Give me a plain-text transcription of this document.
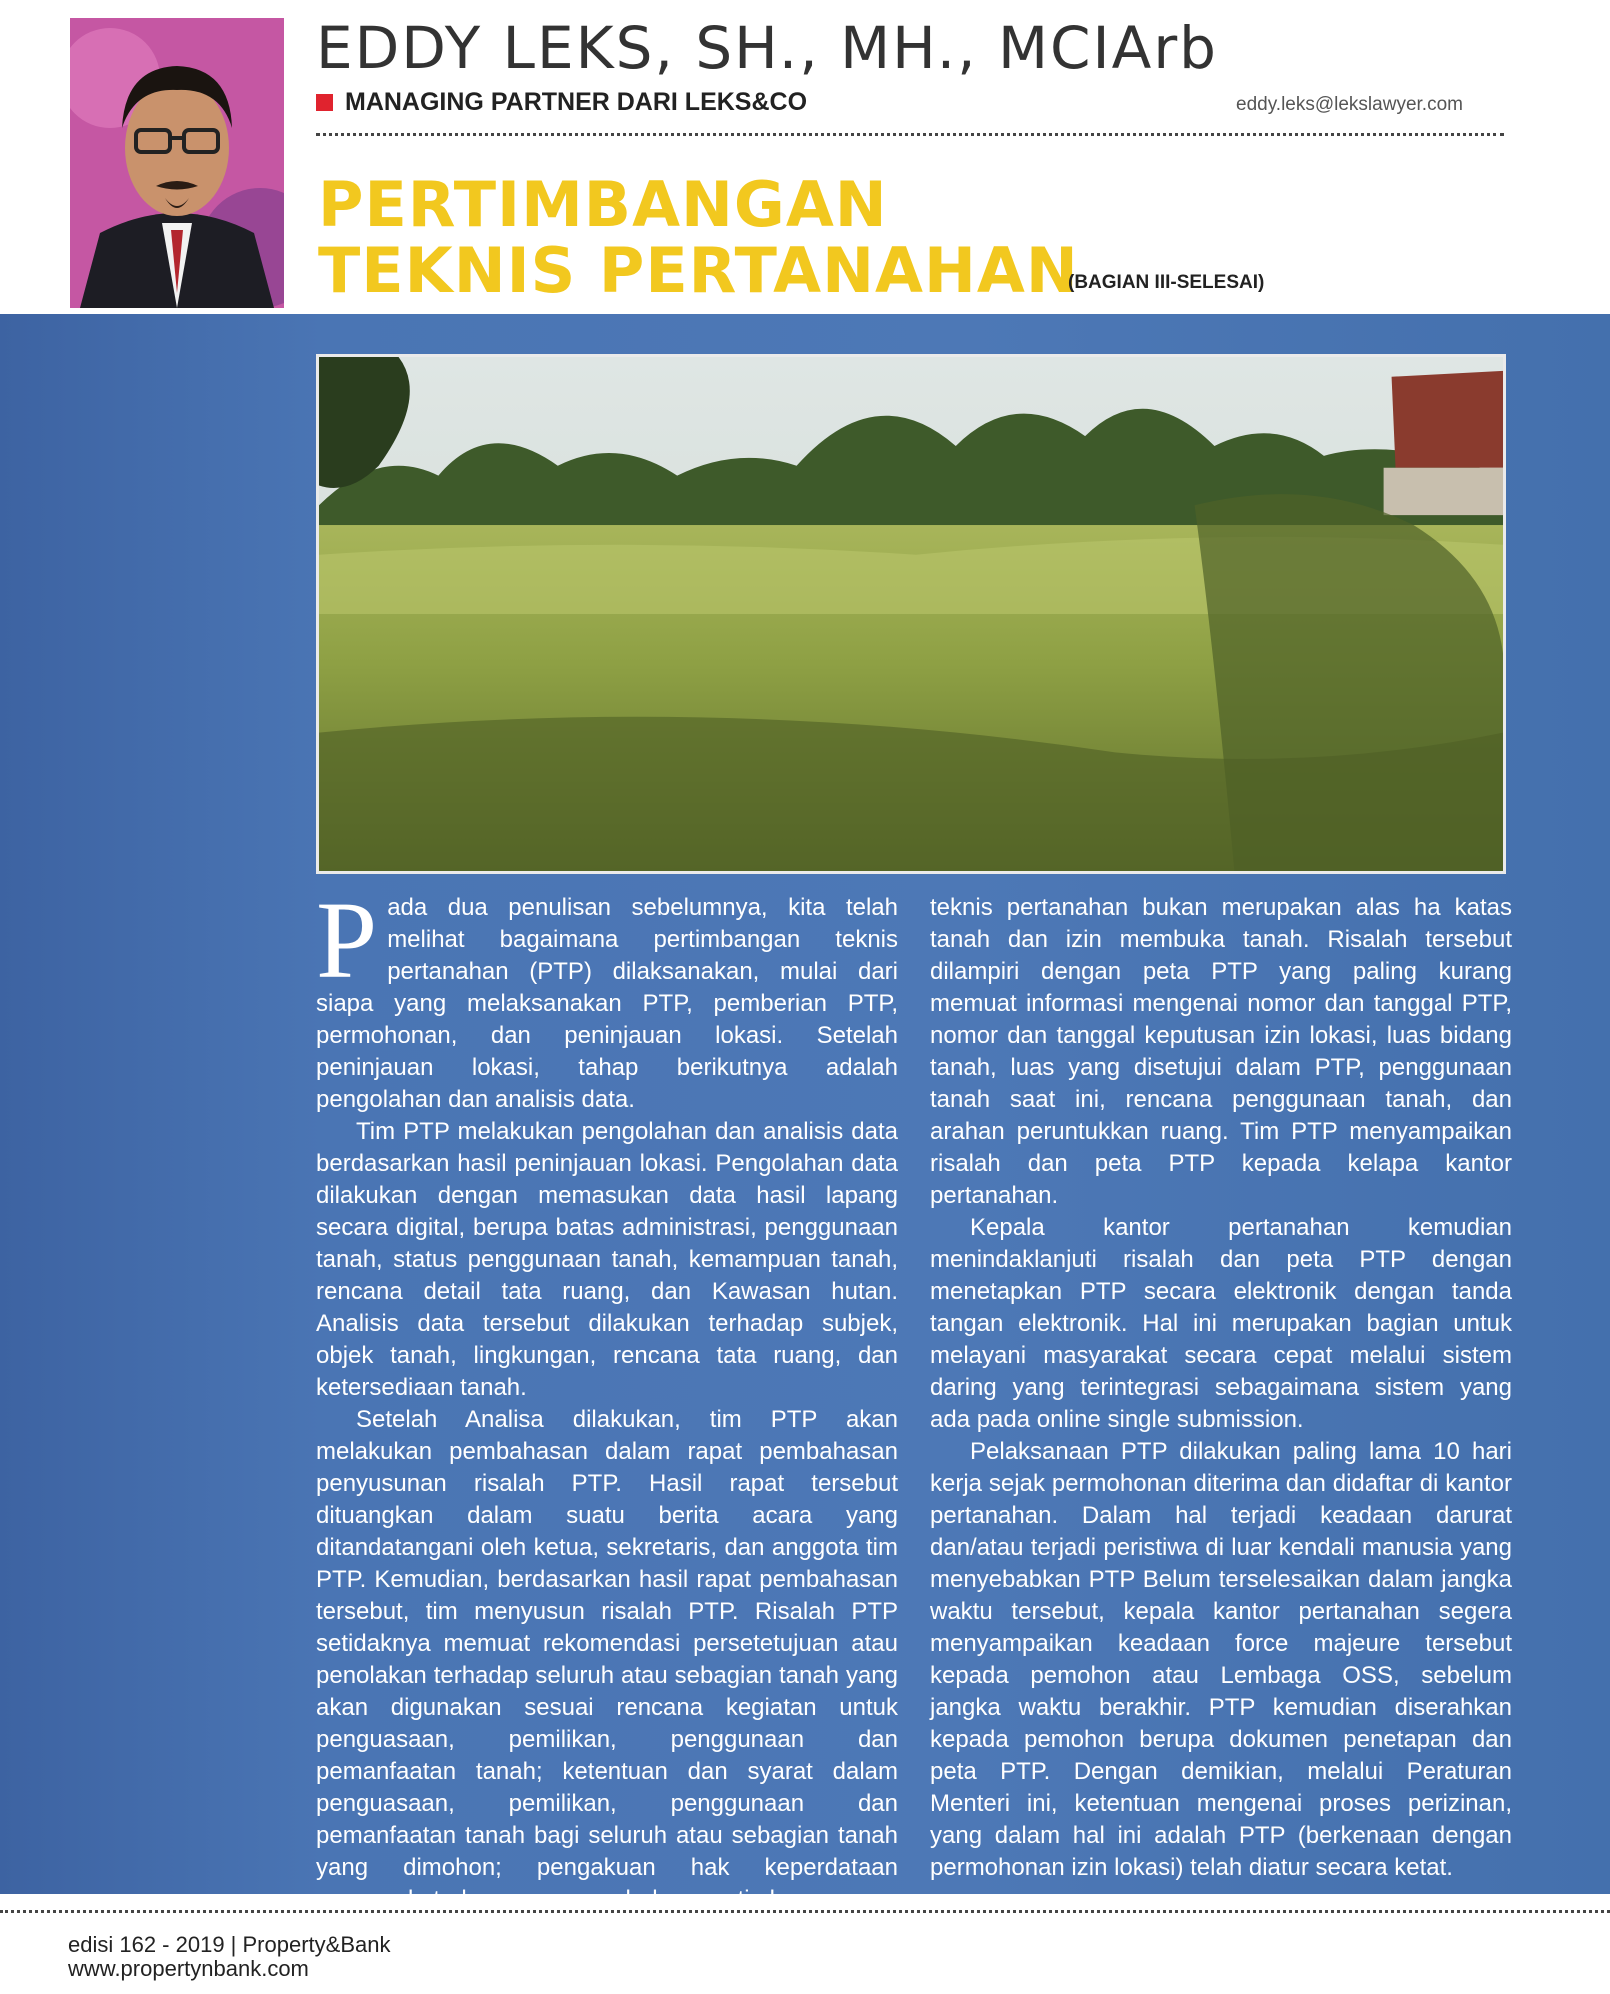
EDDY LEKS, SH., MH., MCIArb
MANAGING PARTNER DARI LEKS&CO	eddy.leks@lekslawyer.com
PERTIMBANGAN
TEKNIS PERTANAHAN
(BAGIAN III-SELESAI)

Pada dua penulisan sebelumnya, kita telah melihat bagaimana pertimbangan teknis pertanahan (PTP) dilaksanakan, mulai dari siapa yang melaksanakan PTP, pemberian PTP, permohonan, dan peninjauan lokasi. Setelah peninjauan lokasi, tahap berikutnya adalah pengolahan dan analisis data.

Tim PTP melakukan pengolahan dan analisis data berdasarkan hasil peninjauan lokasi. Pengolahan data dilakukan dengan memasukan data hasil lapang secara digital, berupa batas administrasi, penggunaan tanah, status penggunaan tanah, kemampuan tanah, rencana detail tata ruang, dan Kawasan hutan. Analisis data tersebut dilakukan terhadap subjek, objek tanah, lingkungan, rencana tata ruang, dan ketersediaan tanah.

Setelah Analisa dilakukan, tim PTP akan melakukan pembahasan dalam rapat pembahasan penyusunan risalah PTP. Hasil rapat tersebut dituangkan dalam suatu berita acara yang ditandatangani oleh ketua, sekretaris, dan anggota tim PTP. Kemudian, berdasarkan hasil rapat pembahasan tersebut, tim menyusun risalah PTP. Risalah PTP setidaknya memuat rekomendasi persetetujuan atau penolakan terhadap seluruh atau sebagian tanah yang akan digunakan sesuai rencana kegiatan untuk penguasaan, pemilikan, penggunaan dan pemanfaatan tanah; ketentuan dan syarat dalam penguasaan, pemilikan, penggunaan dan pemanfaatan tanah bagi seluruh atau sebagian tanah yang dimohon; pengakuan hak keperdataan masyarakat; dan penegasan bahwa pertimbangan

teknis pertanahan bukan merupakan alas ha katas tanah dan izin membuka tanah. Risalah tersebut dilampiri dengan peta PTP yang paling kurang memuat informasi mengenai nomor dan tanggal PTP, nomor dan tanggal keputusan izin lokasi, luas bidang tanah, luas yang disetujui dalam PTP, penggunaan tanah saat ini, rencana penggunaan tanah, dan arahan peruntukkan ruang. Tim PTP menyampaikan risalah dan peta PTP kepada kelapa kantor pertanahan.

Kepala kantor pertanahan kemudian menindaklanjuti risalah dan peta PTP dengan menetapkan PTP secara elektronik dengan tanda tangan elektronik. Hal ini merupakan bagian untuk melayani masyarakat secara cepat melalui sistem daring yang terintegrasi sebagaimana sistem yang ada pada online single submission.

Pelaksanaan PTP dilakukan paling lama 10 hari kerja sejak permohonan diterima dan didaftar di kantor pertanahan. Dalam hal terjadi keadaan darurat dan/atau terjadi peristiwa di luar kendali manusia yang menyebabkan PTP Belum terselesaikan dalam jangka waktu tersebut, kepala kantor pertanahan segera menyampaikan keadaan force majeure tersebut kepada pemohon atau Lembaga OSS, sebelum jangka waktu berakhir. PTP kemudian diserahkan kepada pemohon berupa dokumen penetapan dan peta PTP. Dengan demikian, melalui Peraturan Menteri ini, ketentuan mengenai proses perizinan, yang dalam hal ini adalah PTP (berkenaan dengan permohonan izin lokasi) telah diatur secara ketat.

edisi 162 - 2019 | Property&Bank
www.propertynbank.com
